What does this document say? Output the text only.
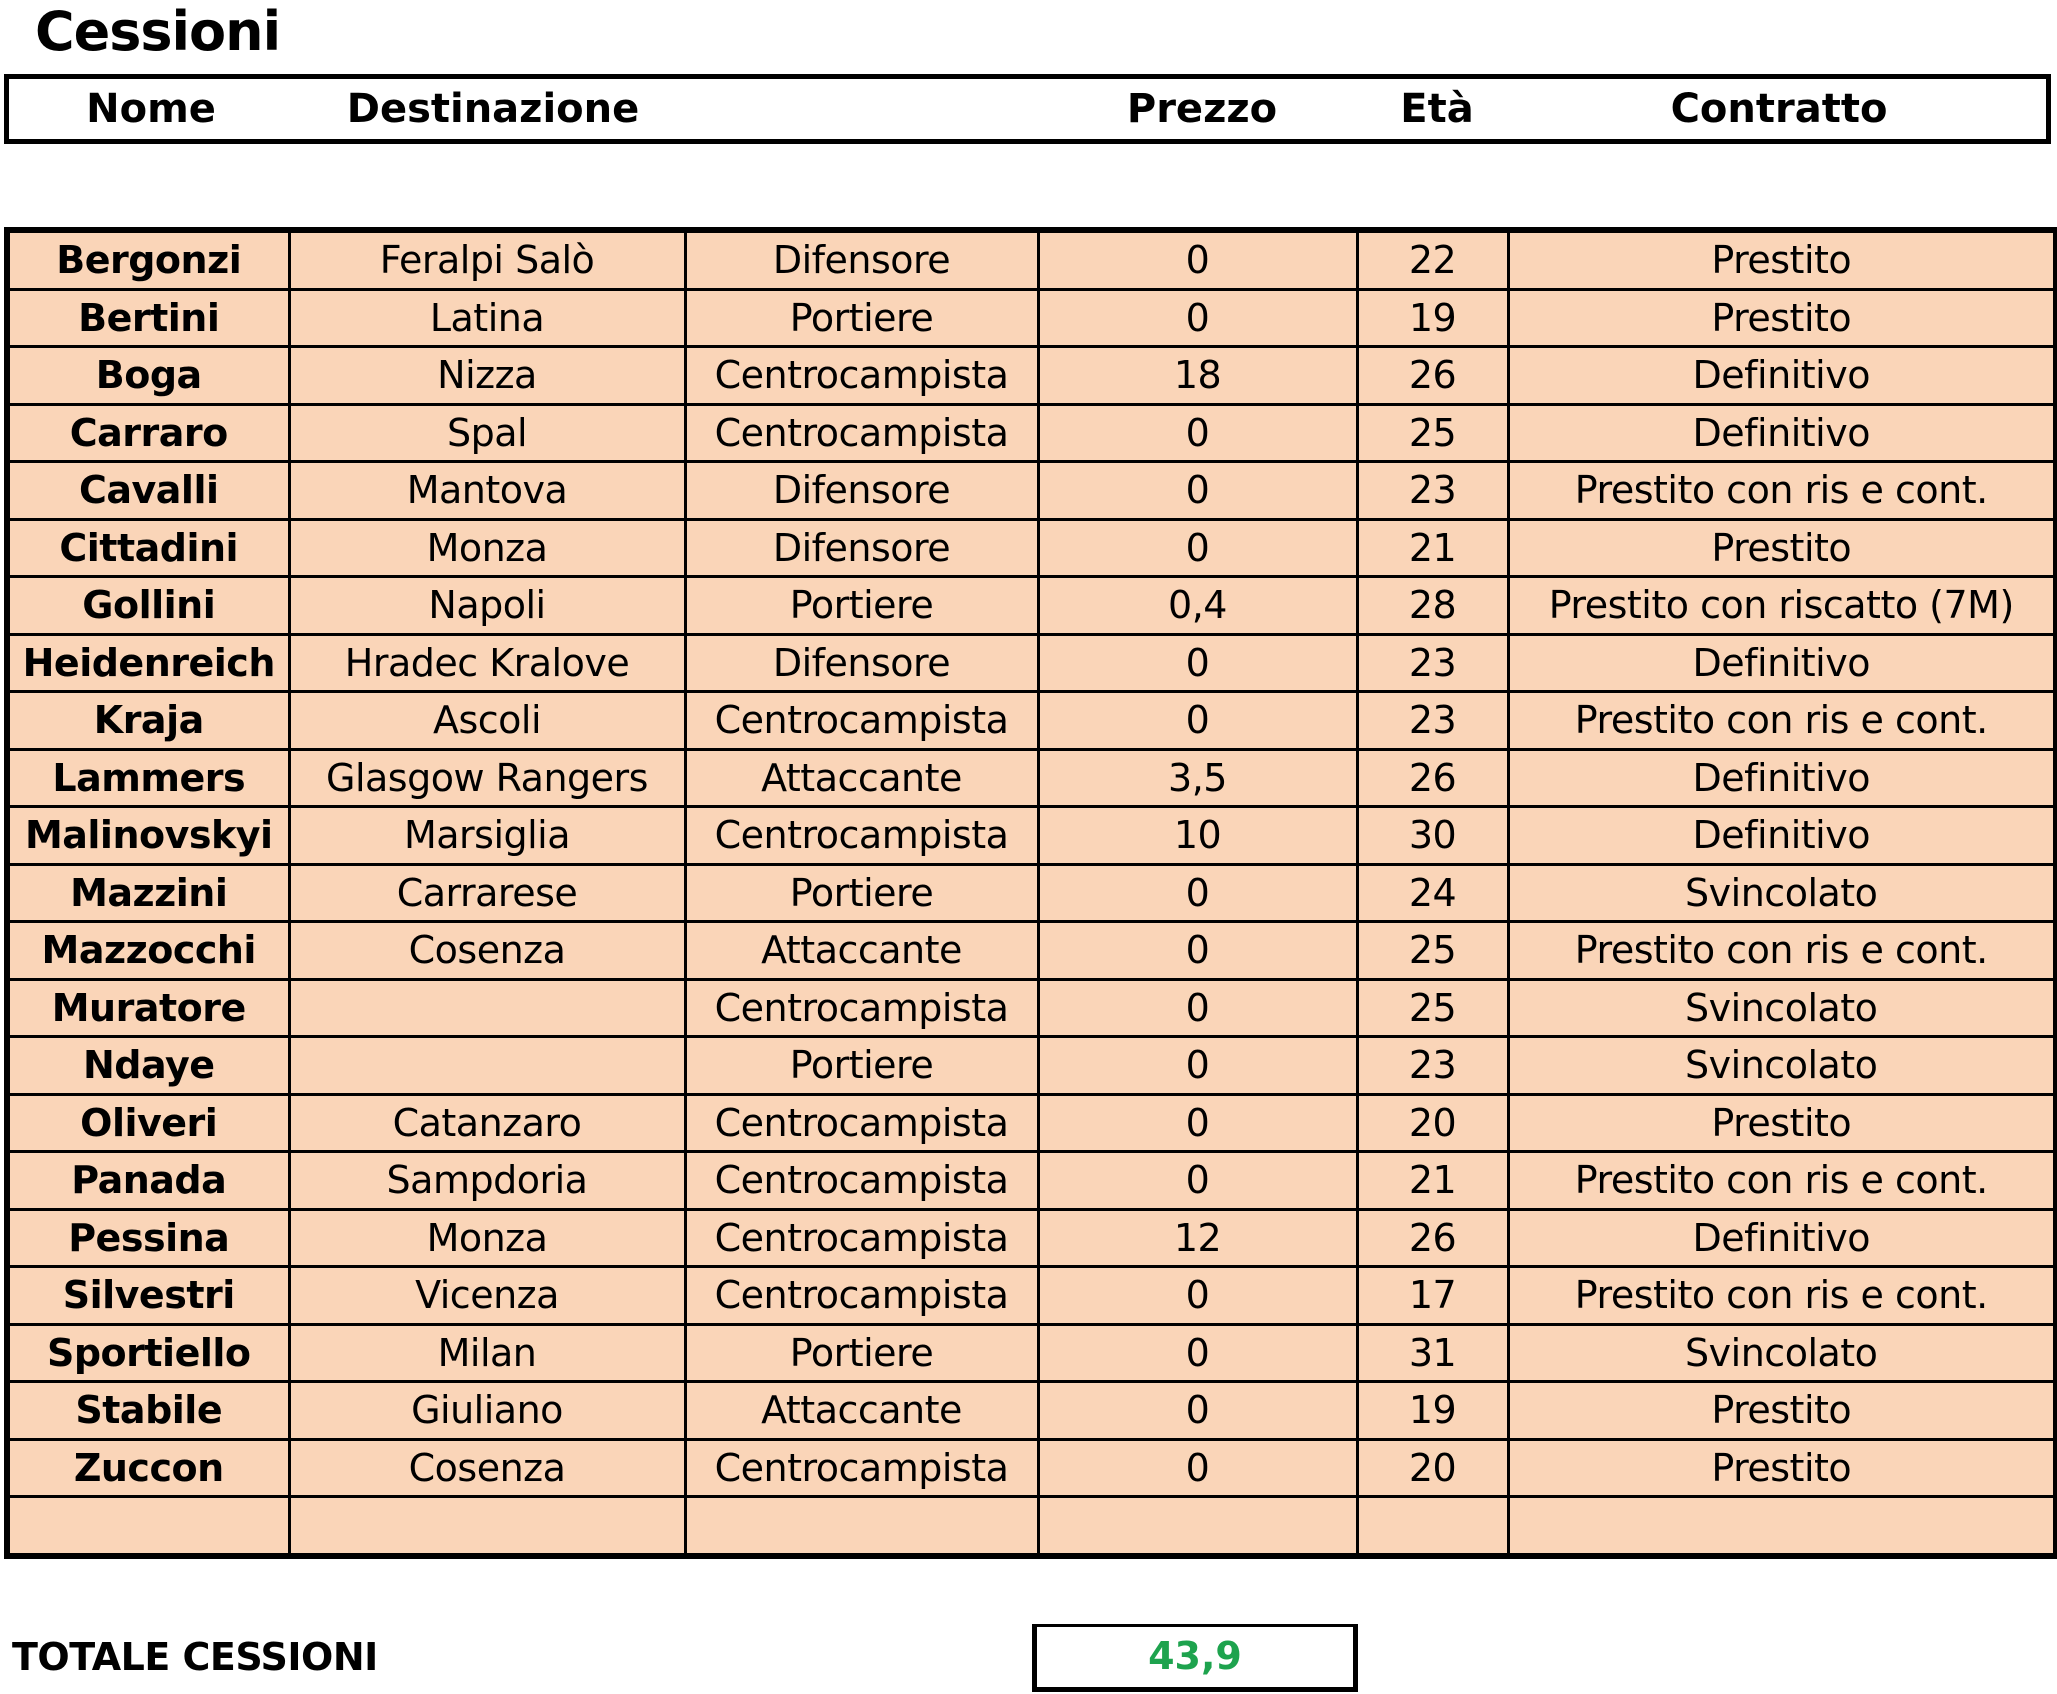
Cessioni
Nome	Destinazione	Prezzo	Età	Contratto
Bergonzi	Feralpi Salò	Difensore	0	22	Prestito
Bertini	Latina	Portiere	0	19	Prestito
Boga	Nizza	Centrocampista	18	26	Definitivo
Carraro	Spal	Centrocampista	0	25	Definitivo
Cavalli	Mantova	Difensore	0	23	Prestito con ris e cont.
Cittadini	Monza	Difensore	0	21	Prestito
Gollini	Napoli	Portiere	0,4	28	Prestito con riscatto (7M)
Heidenreich	Hradec Kralove	Difensore	0	23	Definitivo
Kraja	Ascoli	Centrocampista	0	23	Prestito con ris e cont.
Lammers	Glasgow Rangers	Attaccante	3,5	26	Definitivo
Malinovskyi	Marsiglia	Centrocampista	10	30	Definitivo
Mazzini	Carrarese	Portiere	0	24	Svincolato
Mazzocchi	Cosenza	Attaccante	0	25	Prestito con ris e cont.
Muratore		Centrocampista	0	25	Svincolato
Ndaye		Portiere	0	23	Svincolato
Oliveri	Catanzaro	Centrocampista	0	20	Prestito
Panada	Sampdoria	Centrocampista	0	21	Prestito con ris e cont.
Pessina	Monza	Centrocampista	12	26	Definitivo
Silvestri	Vicenza	Centrocampista	0	17	Prestito con ris e cont.
Sportiello	Milan	Portiere	0	31	Svincolato
Stabile	Giuliano	Attaccante	0	19	Prestito
Zuccon	Cosenza	Centrocampista	0	20	Prestito

TOTALE CESSIONI	43,9
